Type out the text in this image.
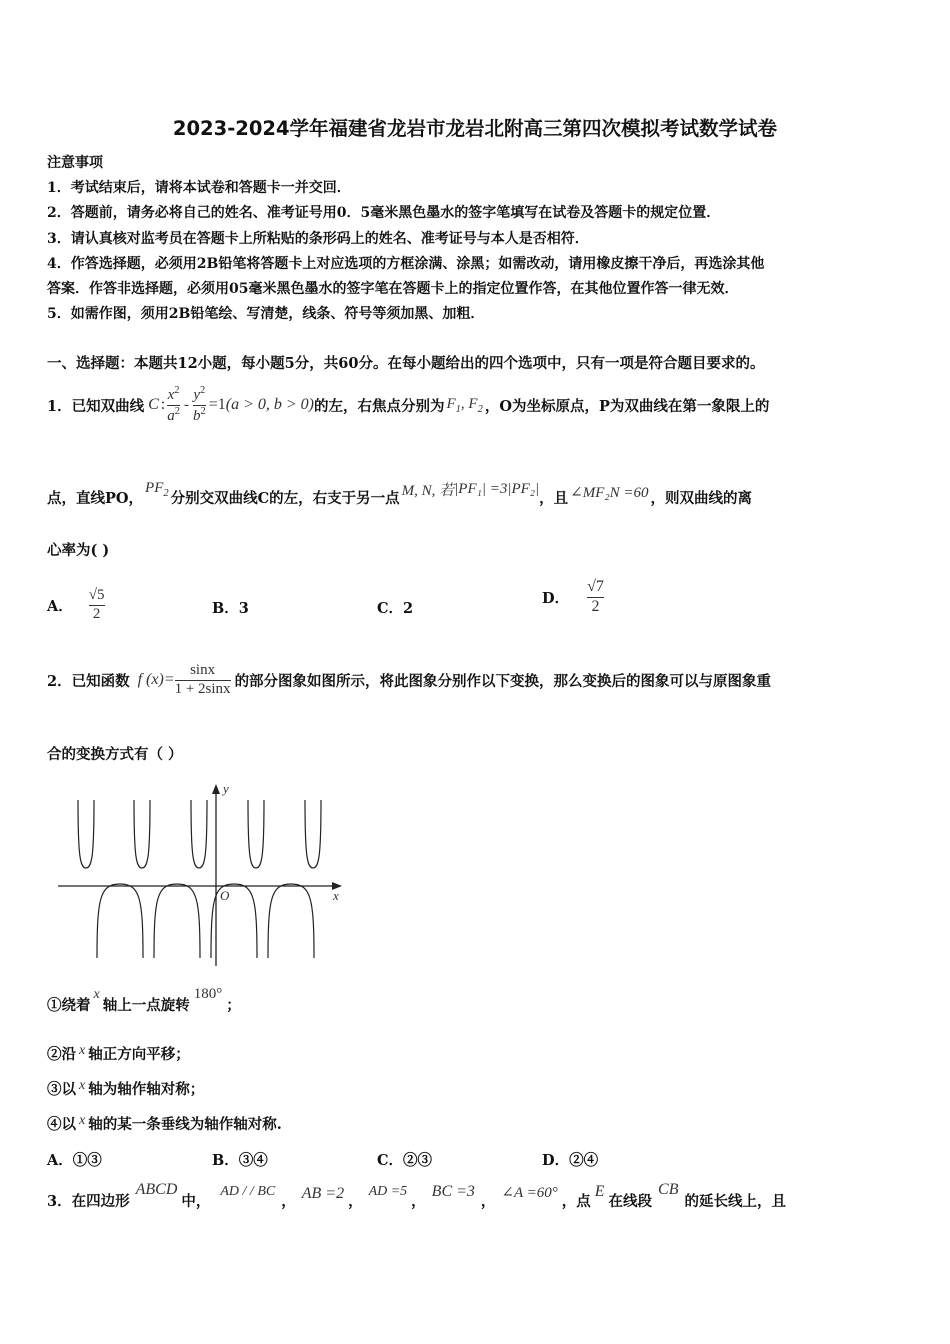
2023-2024学年福建省龙岩市龙岩北附高三第四次模拟考试数学试卷
注意事项
1．考试结束后，请将本试卷和答题卡一并交回．
2．答题前，请务必将自己的姓名、准考证号用0．5毫米黑色墨水的签字笔填写在试卷及答题卡的规定位置．
3．请认真核对监考员在答题卡上所粘贴的条形码上的姓名、准考证号与本人是否相符．
4．作答选择题，必须用2B铅笔将答题卡上对应选项的方框涂满、涂黑；如需改动，请用橡皮擦干净后，再选涂其他
答案．作答非选择题，必须用05毫米黑色墨水的签字笔在答题卡上的指定位置作答，在其他位置作答一律无效．
5．如需作图，须用2B铅笔绘、写清楚，线条、符号等须加黑、加粗．
一、选择题：本题共12小题，每小题5分，共60分。在每小题给出的四个选项中，只有一项是符合题目要求的。
1．已知双曲线 C : $\frac{x^2}{a^2} - \frac{y^2}{b^2} =1$ (a > 0, b > 0) 的左，右焦点分别为 $F_1$, $F_2$ ，O为坐标原点，P为双曲线在第一象限上的
点，直线PO，
$PF_2$ 分别交双曲线C的左，右支于另一点 M, N, 若 |PF₁| =3|PF₂|
，且 ∠MF₂N =60 ，则双曲线的离
心率为( )
A． $\frac{√5}{2}$	B．3	C．2
D． $\frac{√7}{2}$
2．已知函数 f $(x)= \frac{\sin x}{1 + 2\sin x}$ 的部分图象如图所示，将此图象分别作以下变换，那么变换后的图象可以与原图象重
合的变换方式有（ ）
y
x
O
①绕着
x
轴上一点旋转
180°
；
②沿 x 轴正方向平移；
③以 x 轴为轴作轴对称；
④以 x 轴的某一条垂线为轴作轴对称.
A．①③	B．③④	C．②③	D．②④
3．在四边形
ABCD
中，
AD / / BC
， AB =2 ，
AD =5
，
BC =3
， ∠A =60° ，点
E
在线段
CB
的延长线上，且
